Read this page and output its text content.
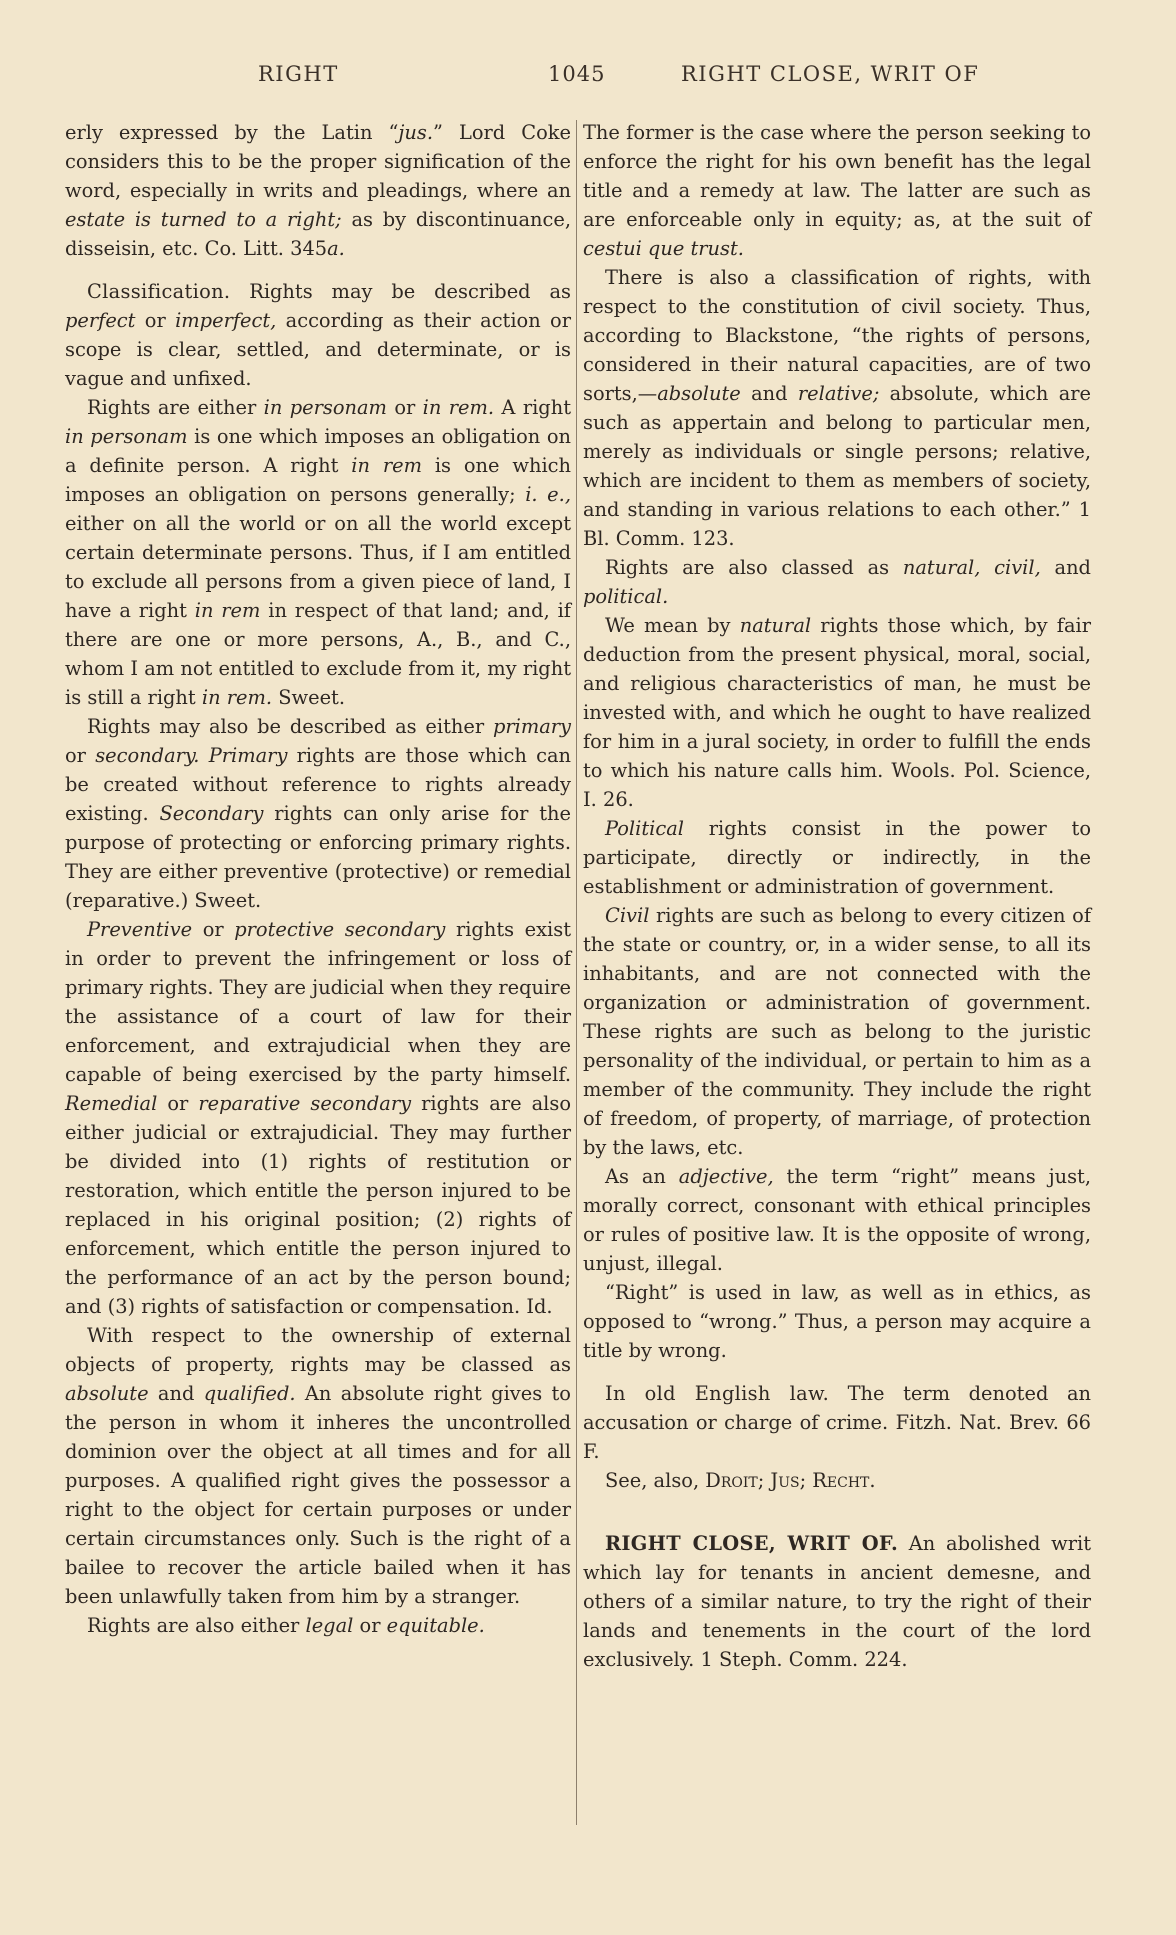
RIGHT	1045	RIGHT CLOSE, WRIT OF

erly expressed by the Latin “jus.” Lord Coke considers this to be the proper signification of the word, especially in writs and pleadings, where an estate is turned to a right; as by discontinuance, disseisin, etc. Co. Litt. 345a.

Classification. Rights may be described as perfect or imperfect, according as their action or scope is clear, settled, and determinate, or is vague and unfixed.

Rights are either in personam or in rem. A right in personam is one which imposes an obligation on a definite person. A right in rem is one which imposes an obligation on persons generally; i. e., either on all the world or on all the world except certain determinate persons. Thus, if I am entitled to exclude all persons from a given piece of land, I have a right in rem in respect of that land; and, if there are one or more persons, A., B., and C., whom I am not entitled to exclude from it, my right is still a right in rem. Sweet.

Rights may also be described as either primary or secondary. Primary rights are those which can be created without reference to rights already existing. Secondary rights can only arise for the purpose of protecting or enforcing primary rights. They are either preventive (protective) or remedial (reparative.) Sweet.

Preventive or protective secondary rights exist in order to prevent the infringement or loss of primary rights. They are judicial when they require the assistance of a court of law for their enforcement, and extrajudicial when they are capable of being exercised by the party himself. Remedial or reparative secondary rights are also either judicial or extrajudicial. They may further be divided into (1) rights of restitution or restoration, which entitle the person injured to be replaced in his original position; (2) rights of enforcement, which entitle the person injured to the performance of an act by the person bound; and (3) rights of satisfaction or compensation. Id.

With respect to the ownership of external objects of property, rights may be classed as absolute and qualified. An absolute right gives to the person in whom it inheres the uncontrolled dominion over the object at all times and for all purposes. A qualified right gives the possessor a right to the object for certain purposes or under certain circumstances only. Such is the right of a bailee to recover the article bailed when it has been unlawfully taken from him by a stranger.

Rights are also either legal or equitable.

The former is the case where the person seeking to enforce the right for his own benefit has the legal title and a remedy at law. The latter are such as are enforceable only in equity; as, at the suit of cestui que trust.

There is also a classification of rights, with respect to the constitution of civil society. Thus, according to Blackstone, “the rights of persons, considered in their natural capacities, are of two sorts,—absolute and relative; absolute, which are such as appertain and belong to particular men, merely as individuals or single persons; relative, which are incident to them as members of society, and standing in various relations to each other.” 1 Bl. Comm. 123.

Rights are also classed as natural, civil, and political.

We mean by natural rights those which, by fair deduction from the present physical, moral, social, and religious characteristics of man, he must be invested with, and which he ought to have realized for him in a jural society, in order to fulfill the ends to which his nature calls him. Wools. Pol. Science, I. 26.

Political rights consist in the power to participate, directly or indirectly, in the establishment or administration of government.

Civil rights are such as belong to every citizen of the state or country, or, in a wider sense, to all its inhabitants, and are not connected with the organization or administration of government. These rights are such as belong to the juristic personality of the individual, or pertain to him as a member of the community. They include the right of freedom, of property, of marriage, of protection by the laws, etc.

As an adjective, the term “right” means just, morally correct, consonant with ethical principles or rules of positive law. It is the opposite of wrong, unjust, illegal.

“Right” is used in law, as well as in ethics, as opposed to “wrong.” Thus, a person may acquire a title by wrong.

In old English law. The term denoted an accusation or charge of crime. Fitzh. Nat. Brev. 66 F.

See, also, Droit; Jus; Recht.

RIGHT CLOSE, WRIT OF. An abolished writ which lay for tenants in ancient demesne, and others of a similar nature, to try the right of their lands and tenements in the court of the lord exclusively. 1 Steph. Comm. 224.
